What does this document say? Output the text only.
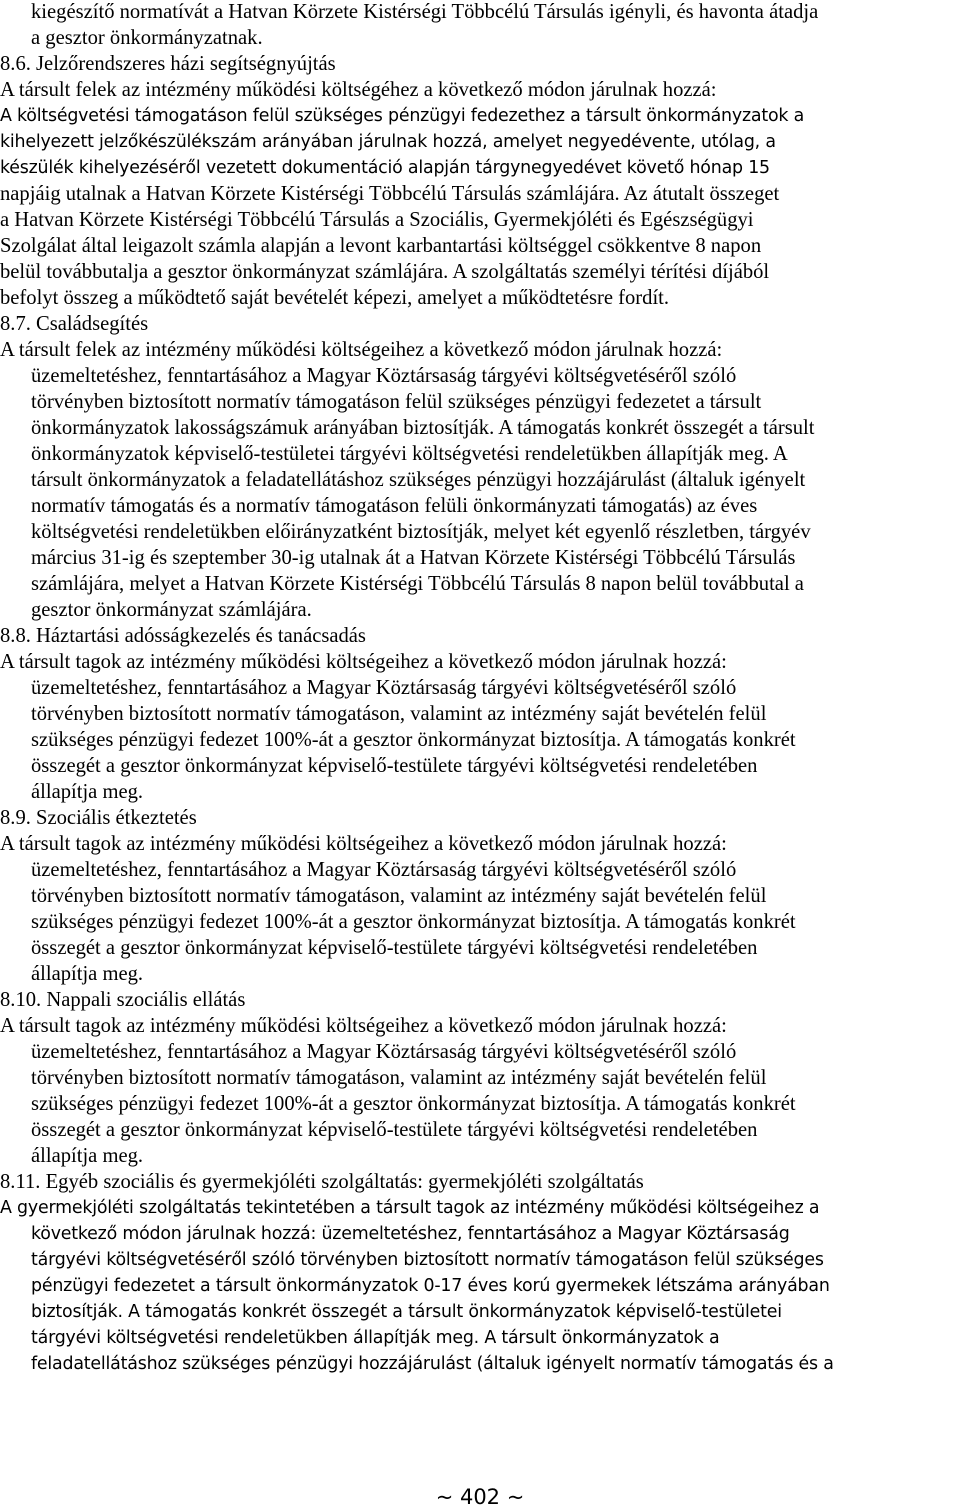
kiegészítő normatívát a Hatvan Körzete Kistérségi Többcélú Társulás igényli, és havonta átadja
a gesztor önkormányzatnak.
8.6. Jelzőrendszeres házi segítségnyújtás
A társult felek az intézmény működési költségéhez a következő módon járulnak hozzá:
A költségvetési támogatáson felül szükséges pénzügyi fedezethez a társult önkormányzatok a
kihelyezett jelzőkészülékszám arányában járulnak hozzá, amelyet negyedévente, utólag, a
készülék kihelyezéséről vezetett dokumentáció alapján tárgynegyedévet követő hónap 15
napjáig utalnak a Hatvan Körzete Kistérségi Többcélú Társulás számlájára. Az átutalt összeget
a Hatvan Körzete Kistérségi Többcélú Társulás a Szociális, Gyermekjóléti és Egészségügyi
Szolgálat által leigazolt számla alapján a levont karbantartási költséggel csökkentve 8 napon
belül továbbutalja a gesztor önkormányzat számlájára. A szolgáltatás személyi térítési díjából
befolyt összeg a működtető saját bevételét képezi, amelyet a működtetésre fordít.
8.7. Családsegítés
A társult felek az intézmény működési költségeihez a következő módon járulnak hozzá:
üzemeltetéshez, fenntartásához a Magyar Köztársaság tárgyévi költségvetéséről szóló
törvényben biztosított normatív támogatáson felül szükséges pénzügyi fedezetet a társult
önkormányzatok lakosságszámuk arányában biztosítják. A támogatás konkrét összegét a társult
önkormányzatok képviselő-testületei tárgyévi költségvetési rendeletükben állapítják meg. A
társult önkormányzatok a feladatellátáshoz szükséges pénzügyi hozzájárulást (általuk igényelt
normatív támogatás és a normatív támogatáson felüli önkormányzati támogatás) az éves
költségvetési rendeletükben előirányzatként biztosítják, melyet két egyenlő részletben, tárgyév
március 31-ig és szeptember 30-ig utalnak át a Hatvan Körzete Kistérségi Többcélú Társulás
számlájára, melyet a Hatvan Körzete Kistérségi Többcélú Társulás 8 napon belül továbbutal a
gesztor önkormányzat számlájára.
8.8. Háztartási adósságkezelés és tanácsadás
A társult tagok az intézmény működési költségeihez a következő módon járulnak hozzá:
üzemeltetéshez, fenntartásához a Magyar Köztársaság tárgyévi költségvetéséről szóló
törvényben biztosított normatív támogatáson, valamint az intézmény saját bevételén felül
szükséges pénzügyi fedezet 100%-át a gesztor önkormányzat biztosítja. A támogatás konkrét
összegét a gesztor önkormányzat képviselő-testülete tárgyévi költségvetési rendeletében
állapítja meg.
8.9. Szociális étkeztetés
A társult tagok az intézmény működési költségeihez a következő módon járulnak hozzá:
üzemeltetéshez, fenntartásához a Magyar Köztársaság tárgyévi költségvetéséről szóló
törvényben biztosított normatív támogatáson, valamint az intézmény saját bevételén felül
szükséges pénzügyi fedezet 100%-át a gesztor önkormányzat biztosítja. A támogatás konkrét
összegét a gesztor önkormányzat képviselő-testülete tárgyévi költségvetési rendeletében
állapítja meg.
8.10. Nappali szociális ellátás
A társult tagok az intézmény működési költségeihez a következő módon járulnak hozzá:
üzemeltetéshez, fenntartásához a Magyar Köztársaság tárgyévi költségvetéséről szóló
törvényben biztosított normatív támogatáson, valamint az intézmény saját bevételén felül
szükséges pénzügyi fedezet 100%-át a gesztor önkormányzat biztosítja. A támogatás konkrét
összegét a gesztor önkormányzat képviselő-testülete tárgyévi költségvetési rendeletében
állapítja meg.
8.11. Egyéb szociális és gyermekjóléti szolgáltatás: gyermekjóléti szolgáltatás
A gyermekjóléti szolgáltatás tekintetében a társult tagok az intézmény működési költségeihez a
következő módon járulnak hozzá: üzemeltetéshez, fenntartásához a Magyar Köztársaság
tárgyévi költségvetéséről szóló törvényben biztosított normatív támogatáson felül szükséges
pénzügyi fedezetet a társult önkormányzatok 0-17 éves korú gyermekek létszáma arányában
biztosítják. A támogatás konkrét összegét a társult önkormányzatok képviselő-testületei
tárgyévi költségvetési rendeletükben állapítják meg. A társult önkormányzatok a
feladatellátáshoz szükséges pénzügyi hozzájárulást (általuk igényelt normatív támogatás és a
~ 402 ~
